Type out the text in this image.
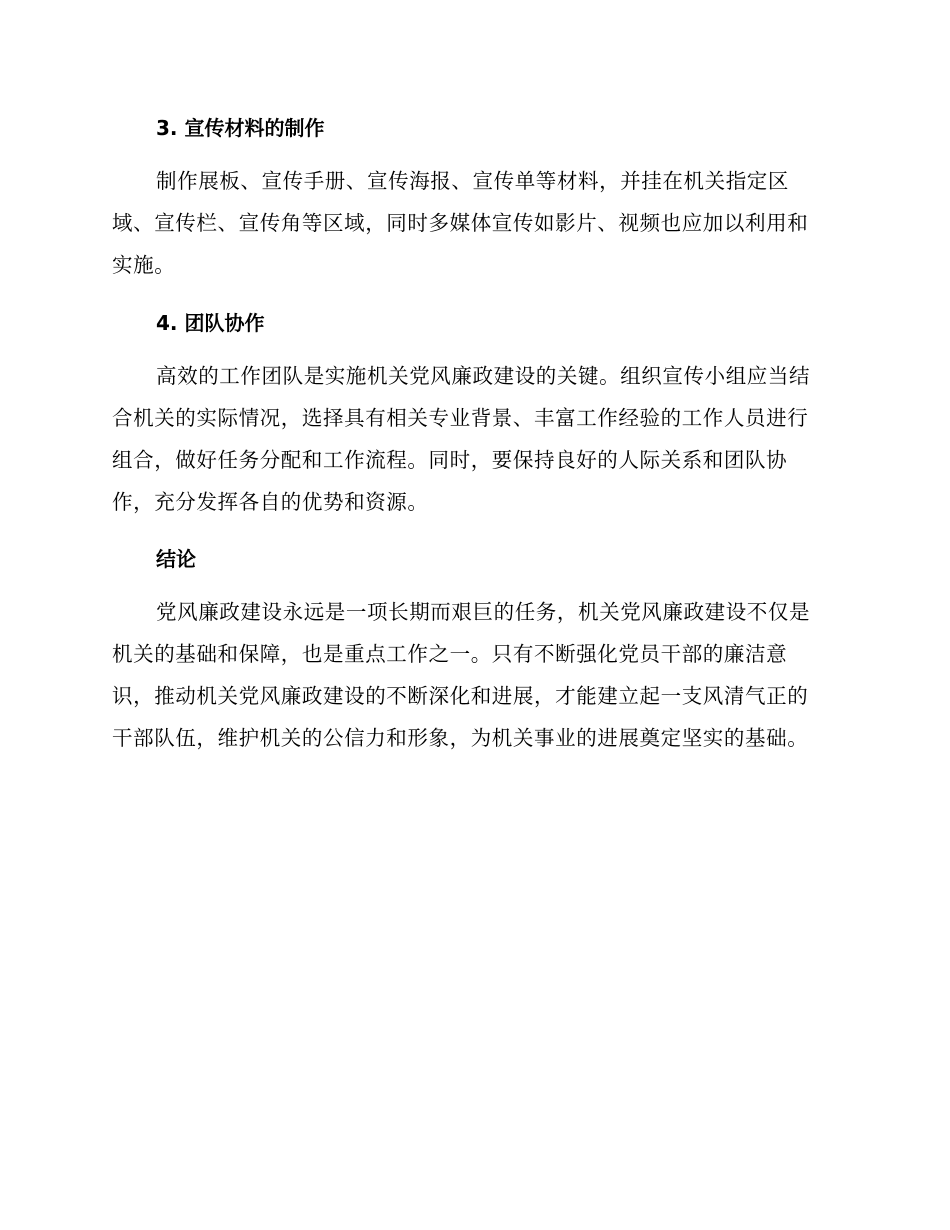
3. 宣传材料的制作
制作展板、宣传手册、宣传海报、宣传单等材料，并挂在机关指定区
域、宣传栏、宣传角等区域，同时多媒体宣传如影片、视频也应加以利用和
实施。
4. 团队协作
高效的工作团队是实施机关党风廉政建设的关键。组织宣传小组应当结
合机关的实际情况，选择具有相关专业背景、丰富工作经验的工作人员进行
组合，做好任务分配和工作流程。同时，要保持良好的人际关系和团队协
作，充分发挥各自的优势和资源。
结论
党风廉政建设永远是一项长期而艰巨的任务，机关党风廉政建设不仅是
机关的基础和保障，也是重点工作之一。只有不断强化党员干部的廉洁意
识，推动机关党风廉政建设的不断深化和进展，才能建立起一支风清气正的
干部队伍，维护机关的公信力和形象，为机关事业的进展奠定坚实的基础。
